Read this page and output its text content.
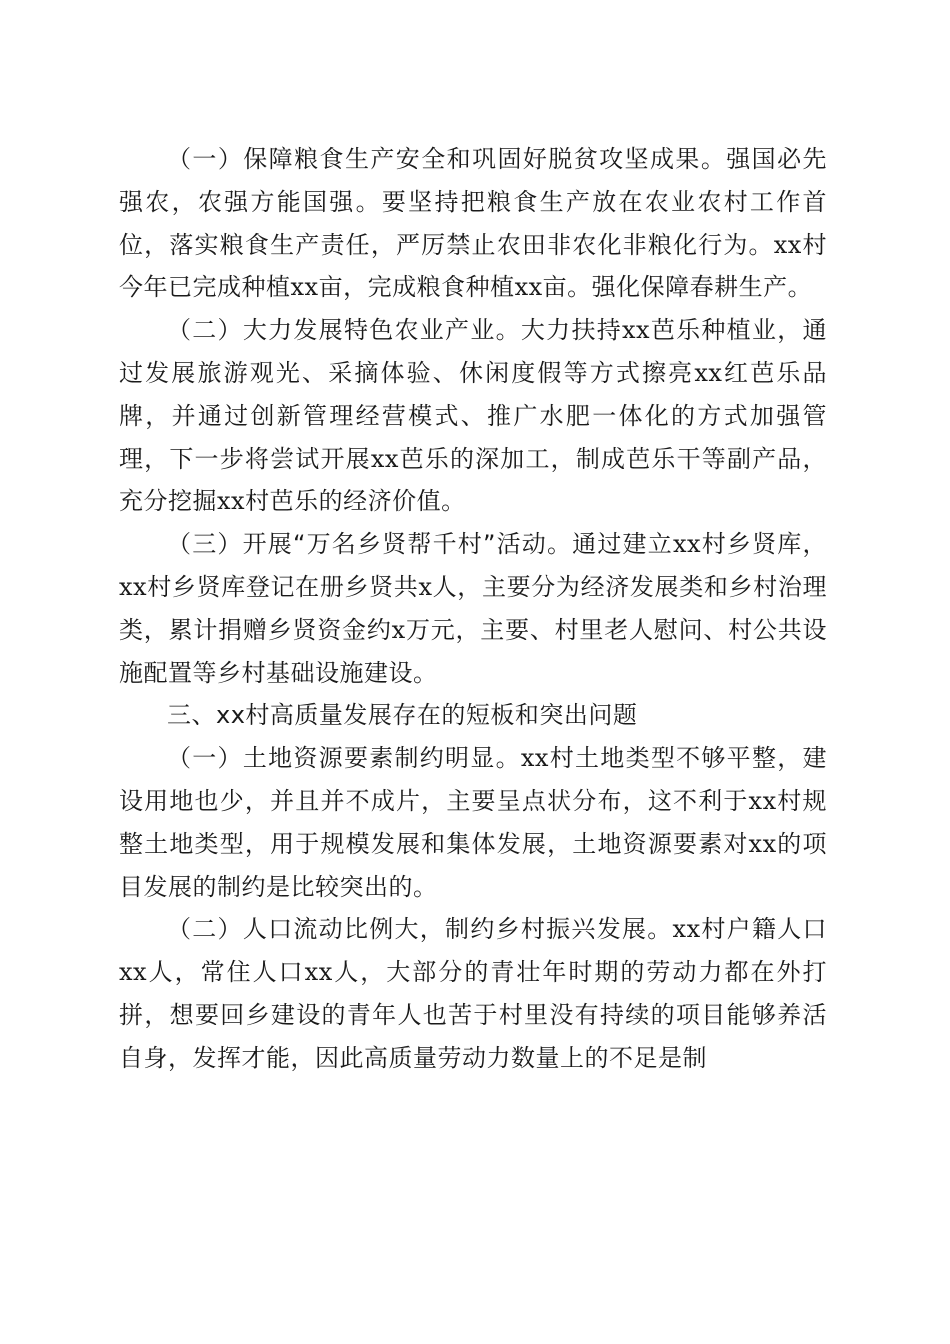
（一）保障粮食生产安全和巩固好脱贫攻坚成果。强国必先强农，农强方能国强。要坚持把粮食生产放在农业农村工作首位，落实粮食生产责任，严厉禁止农田非农化非粮化行为。xx村今年已完成种植xx亩，完成粮食种植xx亩。强化保障春耕生产。

（二）大力发展特色农业产业。大力扶持xx芭乐种植业，通过发展旅游观光、采摘体验、休闲度假等方式擦亮xx红芭乐品牌，并通过创新管理经营模式、推广水肥一体化的方式加强管理，下一步将尝试开展xx芭乐的深加工，制成芭乐干等副产品，充分挖掘xx村芭乐的经济价值。

（三）开展“万名乡贤帮千村”活动。通过建立xx村乡贤库，xx村乡贤库登记在册乡贤共x人，主要分为经济发展类和乡村治理类，累计捐赠乡贤资金约x万元，主要、村里老人慰问、村公共设施配置等乡村基础设施建设。

三、xx村高质量发展存在的短板和突出问题

（一）土地资源要素制约明显。xx村土地类型不够平整，建设用地也少，并且并不成片，主要呈点状分布，这不利于xx村规整土地类型，用于规模发展和集体发展，土地资源要素对xx的项目发展的制约是比较突出的。

（二）人口流动比例大，制约乡村振兴发展。xx村户籍人口xx人，常住人口xx人，大部分的青壮年时期的劳动力都在外打拼，想要回乡建设的青年人也苦于村里没有持续的项目能够养活自身，发挥才能，因此高质量劳动力数量上的不足是制
